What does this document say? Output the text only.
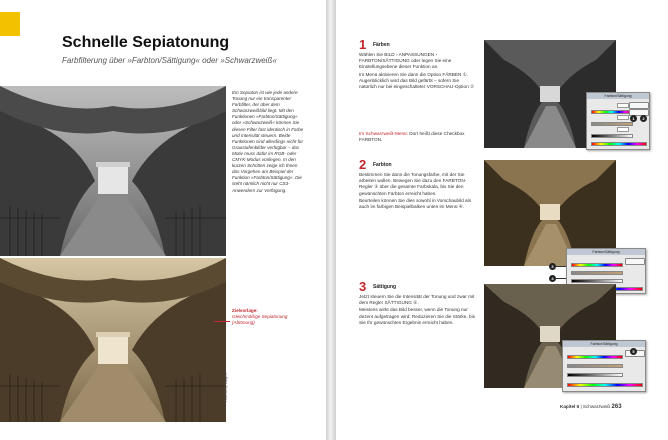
Schnelle Sepiatonung
Farbfilterung über »Farbton/Sättigung« oder »Schwarzweiß«
Ein Sepiaton ist wie jede andere Tonung nur ein transparenter Farbfilter, der über dem Schwarzweißbild liegt. Mit den Funktionen »Farbton/Sättigung« oder »Schwarzweiß« können Sie diesen Filter fast identisch in Farbe und Intensität steuern. Beide Funktionen sind allerdings nicht für Graustufenbilder verfügbar – das Motiv muss dafür im RGB- oder CMYK-Modus vorliegen. In den kurzen Schritten zeige ich Ihnen das Vorgehen am Beispiel der Funktion »Farbton/Sättigung«. Die steht nämlich nicht nur CS3-Anwendern zur Verfügung.
Zielvorlage:
Gleichmäßige Sepiatonung
(Abtönung)
Foto: Getty Images
1 Färben

Wählen Sie BILD › ANPASSUNGEN › FARBTON/SÄTTIGUNG oder legen Sie eine Einstellungsebene dieser Funktion an.

Im Menü aktivieren Sie dann die Option FÄRBEN ①. Augenblicklich wird das Bild gefärbt – sofern Sie natürlich nur bei eingeschalteter VORSCHAU-Option ②

Im Schwarzweiß-Menü: Dort heißt diese Checkbox FARBTON.
2 Farbton

Bestimmen Sie dann die Tonungsfarbe, mit der Sie arbeiten wollen. Bewegen Sie dazu den FARBTON-Regler ③ über die gesamte Farbskala, bis Sie den gewünschten Farbton erreicht haben.

Beurteilen können Sie dies sowohl in Vorschaubild als auch im farbigen Beispielbalken unten im Menü ④.

3 Sättigung

Jetzt steuern Sie die Intensität der Tonung und zwar mit dem Regler SÄTTIGUNG ⑤.

Meistens wirkt das Bild besser, wenn die Tonung nur dezent aufgetragen wird: Reduzieren Sie die Stärke, bis Sie Ihr gewünschtes Ergebnis erreicht haben.

Farbton/Sättigung
1	2
Farbton/Sättigung
3
4
Farbton/Sättigung
5
Kapitel 6 | Schwarzweiß 263
